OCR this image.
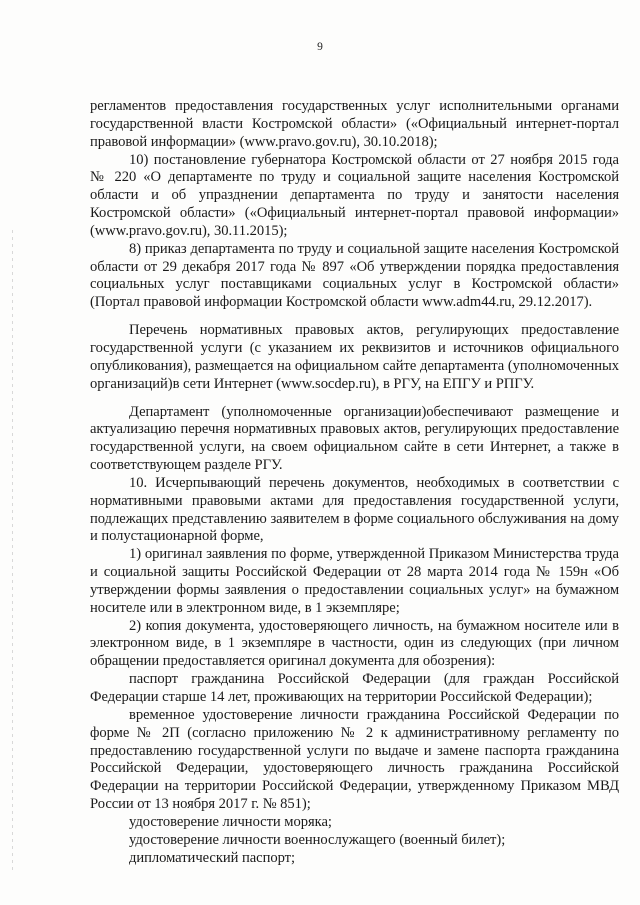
9

регламентов предоставления государственных услуг исполнительными органами государственной власти Костромской области» («Официальный интернет-портал правовой информации» (www.pravo.gov.ru), 30.10.2018);

10) постановление губернатора Костромской области от 27 ноября 2015 года № 220 «О департаменте по труду и социальной защите населения Костромской области и об упразднении департамента по труду и занятости населения Костромской области» («Официальный интернет-портал правовой информации» (www.pravo.gov.ru), 30.11.2015);

8) приказ департамента по труду и социальной защите населения Костромской области от 29 декабря 2017 года № 897 «Об утверждении порядка предоставления социальных услуг поставщиками социальных услуг в Костромской области» (Портал правовой информации Костромской области www.adm44.ru, 29.12.2017).

Перечень нормативных правовых актов, регулирующих предоставление государственной услуги (с указанием их реквизитов и источников официального опубликования), размещается на официальном сайте департамента (уполномоченных организаций)в сети Интернет (www.socdep.ru), в РГУ, на ЕПГУ и РПГУ.

Департамент (уполномоченные организации)обеспечивают размещение и актуализацию перечня нормативных правовых актов, регулирующих предоставление государственной услуги, на своем официальном сайте в сети Интернет, а также в соответствующем разделе РГУ.

10. Исчерпывающий перечень документов, необходимых в соответствии с нормативными правовыми актами для предоставления государственной услуги, подлежащих представлению заявителем в форме социального обслуживания на дому и полустационарной форме,

1) оригинал заявления по форме, утвержденной Приказом Министерства труда и социальной защиты Российской Федерации от 28 марта 2014 года № 159н «Об утверждении формы заявления о предоставлении социальных услуг» на бумажном носителе или в электронном виде, в 1 экземпляре;

2) копия документа, удостоверяющего личность, на бумажном носителе или в электронном виде, в 1 экземпляре в частности, один из следующих (при личном обращении предоставляется оригинал документа для обозрения):

паспорт гражданина Российской Федерации (для граждан Российской Федерации старше 14 лет, проживающих на территории Российской Федерации);

временное удостоверение личности гражданина Российской Федерации по форме № 2П (согласно приложению № 2 к административному регламенту по предоставлению государственной услуги по выдаче и замене паспорта гражданина Российской Федерации, удостоверяющего личность гражданина Российской Федерации на территории Российской Федерации, утвержденному Приказом МВД России от 13 ноября 2017 г. № 851);

удостоверение личности моряка;

удостоверение личности военнослужащего (военный билет);

дипломатический паспорт;
